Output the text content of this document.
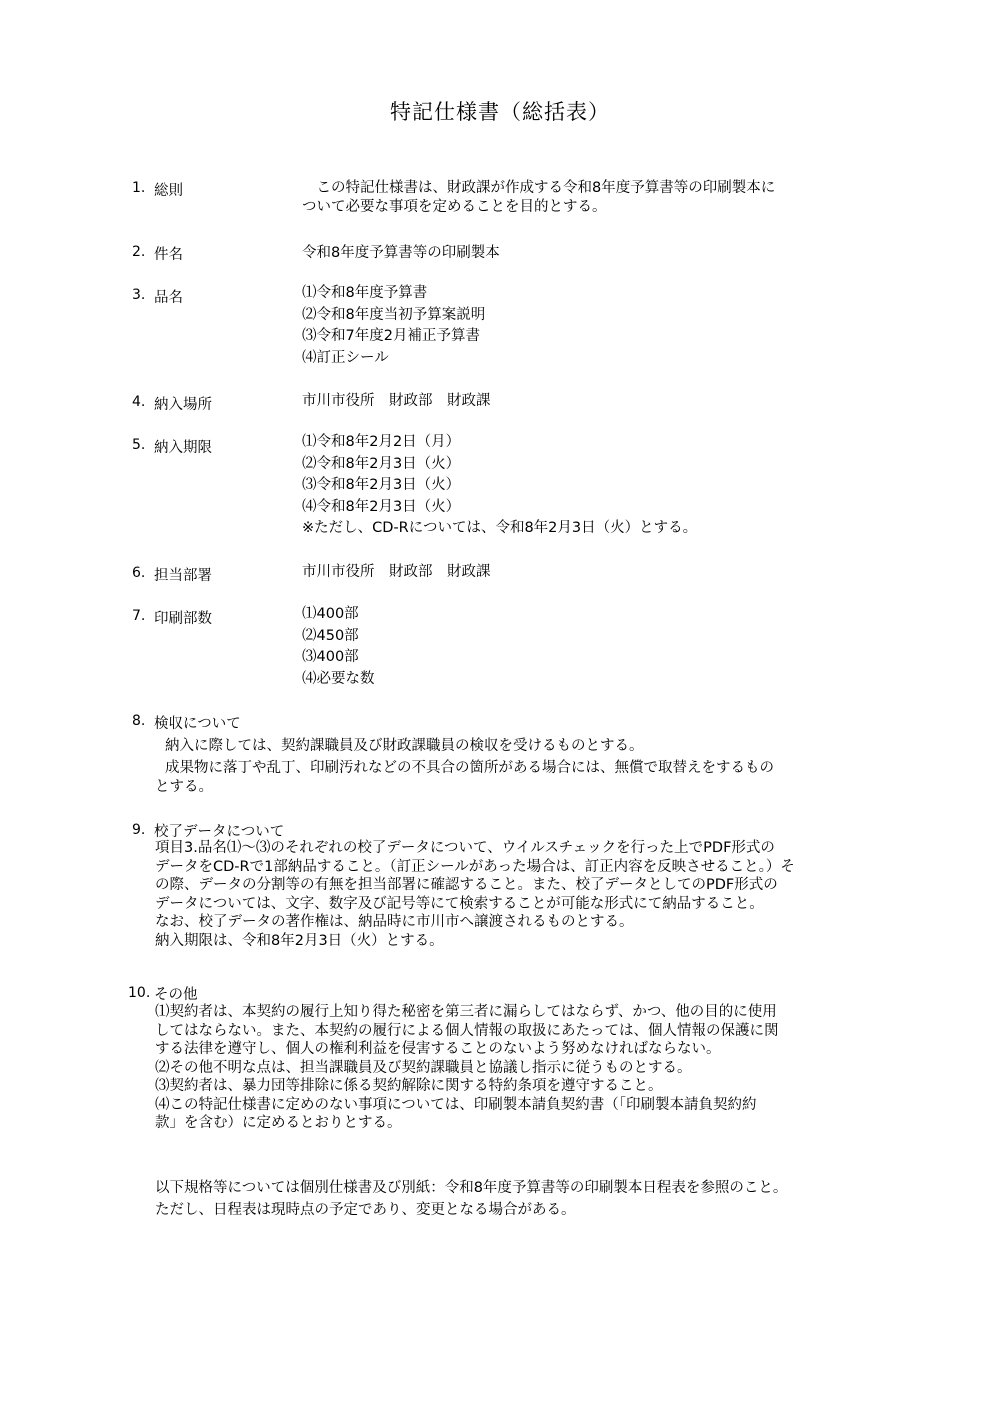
特記仕様書（総括表）
1. 総則	　この特記仕様書は、財政課が作成する令和8年度予算書等の印刷製本に
ついて必要な事項を定めることを目的とする。
2. 件名	令和8年度予算書等の印刷製本
3. 品名	⑴令和8年度予算書
⑵令和8年度当初予算案説明
⑶令和7年度2月補正予算書
⑷訂正シール
4. 納入場所	市川市役所　財政部　財政課
5. 納入期限	⑴令和8年2月2日（月）
⑵令和8年2月3日（火）
⑶令和8年2月3日（火）
⑷令和8年2月3日（火）
※ただし、CD-Rについては、令和8年2月3日（火）とする。
6. 担当部署	市川市役所　財政部　財政課
7. 印刷部数	⑴400部
⑵450部
⑶400部
⑷必要な数
8. 検収について
納入に際しては、契約課職員及び財政課職員の検収を受けるものとする。
成果物に落丁や乱丁、印刷汚れなどの不具合の箇所がある場合には、無償で取替えをするもの
とする。
9. 校了データについて
項目3.品名⑴～⑶のそれぞれの校了データについて、ウイルスチェックを行った上でPDF形式の
データをCD-Rで1部納品すること。（訂正シールがあった場合は、訂正内容を反映させること。）そ
の際、データの分割等の有無を担当部署に確認すること。また、校了データとしてのPDF形式の
データについては、文字、数字及び記号等にて検索することが可能な形式にて納品すること。
なお、校了データの著作権は、納品時に市川市へ譲渡されるものとする。
納入期限は、令和8年2月3日（火）とする。
10. その他
⑴契約者は、本契約の履行上知り得た秘密を第三者に漏らしてはならず、かつ、他の目的に使用
してはならない。また、本契約の履行による個人情報の取扱にあたっては、個人情報の保護に関
する法律を遵守し、個人の権利利益を侵害することのないよう努めなければならない。
⑵その他不明な点は、担当課職員及び契約課職員と協議し指示に従うものとする。
⑶契約者は、暴力団等排除に係る契約解除に関する特約条項を遵守すること。
⑷この特記仕様書に定めのない事項については、印刷製本請負契約書（「印刷製本請負契約約
款」を含む）に定めるとおりとする。
以下規格等については個別仕様書及び別紙：令和8年度予算書等の印刷製本日程表を参照のこと。
ただし、日程表は現時点の予定であり、変更となる場合がある。
